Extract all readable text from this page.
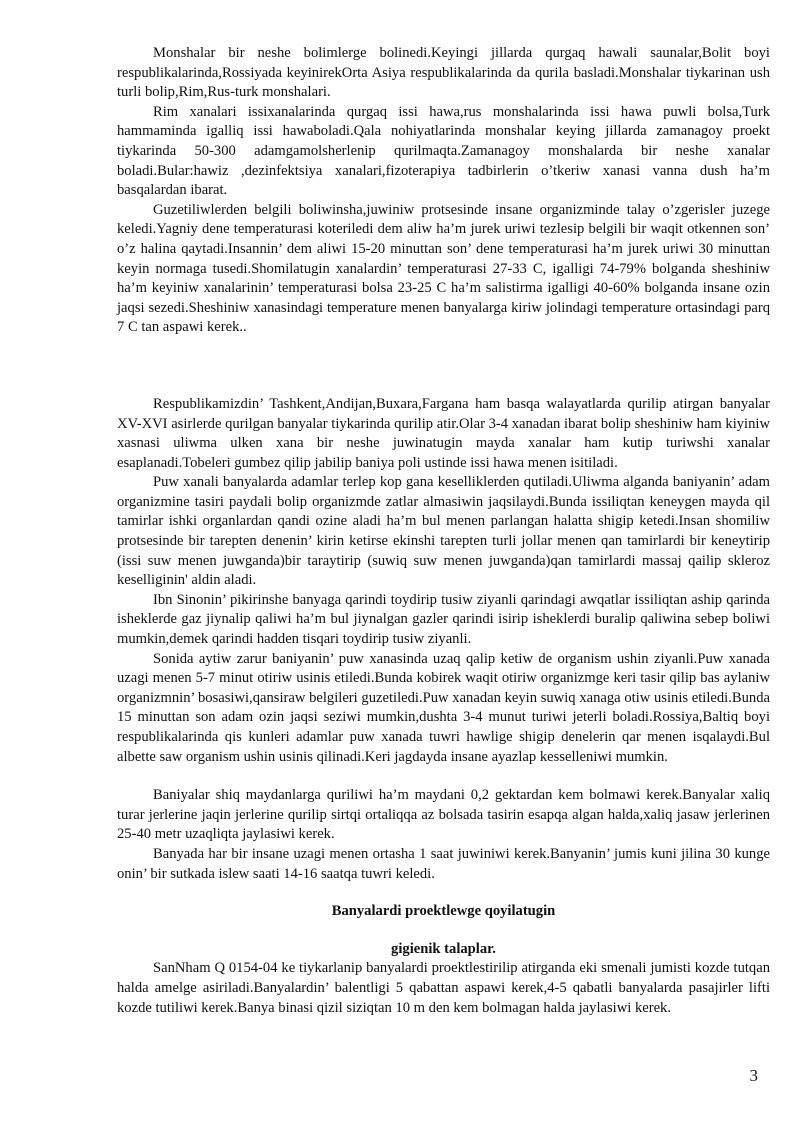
Monshalar bir neshe bolimlerge bolinedi.Keyingi jillarda qurgaq hawali saunalar,Bolit boyi respublikalarinda,Rossiyada keyinirekOrta Asiya respublikalarinda da qurila basladi.Monshalar tiykarinan ush turli bolip,Rim,Rus-turk monshalari.

Rim xanalari issixanalarinda qurgaq issi hawa,rus monshalarinda issi hawa puwli bolsa,Turk hammaminda igalliq issi hawaboladi.Qala nohiyatlarinda monshalar keying jillarda zamanagoy proekt tiykarinda 50-300 adamgamolsherlenip qurilmaqta.Zamanagoy monshalarda bir neshe xanalar boladi.Bular:hawiz ,dezinfektsiya xanalari,fizoterapiya tadbirlerin o’tkeriw xanasi vanna dush ha’m basqalardan ibarat.

Guzetiliwlerden belgili boliwinsha,juwiniw protsesinde insane organizminde talay o’zgerisler juzege keledi.Yagniy dene temperaturasi koteriledi dem aliw ha’m jurek uriwi tezlesip belgili bir waqit otkennen son’ o’z halina qaytadi.Insannin’ dem aliwi 15-20 minuttan son’ dene temperaturasi ha’m jurek uriwi 30 minuttan keyin normaga tusedi.Shomilatugin xanalardin’ temperaturasi 27-33 C, igalligi 74-79% bolganda sheshiniw ha’m keyiniw xanalarinin’ temperaturasi bolsa 23-25 C ha’m salistirma igalligi 40-60% bolganda insane ozin jaqsi sezedi.Sheshiniw xanasindagi temperature menen banyalarga kiriw jolindagi temperature ortasindagi parq 7 C tan aspawi kerek..

Respublikamizdin’ Tashkent,Andijan,Buxara,Fargana ham basqa walayatlarda qurilip atirgan banyalar XV-XVI asirlerde qurilgan banyalar tiykarinda qurilip atir.Olar 3-4 xanadan ibarat bolip sheshiniw ham kiyiniw xasnasi uliwma ulken xana bir neshe juwinatugin mayda xanalar ham kutip turiwshi xanalar esaplanadi.Tobeleri gumbez qilip jabilip baniya poli ustinde issi hawa menen isitiladi.

Puw xanali banyalarda adamlar terlep kop gana keselliklerden qutiladi.Uliwma alganda baniyanin’ adam organizmine tasiri paydali bolip organizmde zatlar almasiwin jaqsilaydi.Bunda issiliqtan keneygen mayda qil tamirlar ishki organlardan qandi ozine aladi ha’m bul menen parlangan halatta shigip ketedi.Insan shomiliw protsesinde bir tarepten denenin’ kirin ketirse ekinshi tarepten turli jollar menen qan tamirlardi bir keneytirip (issi suw menen juwganda)bir taraytirip (suwiq suw menen juwganda)qan tamirlardi massaj qailip skleroz keselliginin' aldin aladi.

Ibn Sinonin’ pikirinshe banyaga qarindi toydirip tusiw ziyanli qarindagi awqatlar issiliqtan aship qarinda isheklerde gaz jiynalip qaliwi ha’m bul jiynalgan gazler qarindi isirip isheklerdi buralip qaliwina sebep boliwi mumkin,demek qarindi hadden tisqari toydirip tusiw ziyanli.

Sonida aytiw zarur baniyanin’ puw xanasinda uzaq qalip ketiw de organism ushin ziyanli.Puw xanada uzagi menen 5-7 minut otiriw usinis etiledi.Bunda kobirek waqit otiriw organizmge keri tasir qilip bas aylaniw organizmnin’ bosasiwi,qansiraw belgileri guzetiledi.Puw xanadan keyin suwiq xanaga otiw usinis etiledi.Bunda 15 minuttan son adam ozin jaqsi seziwi mumkin,dushta 3-4 munut turiwi jeterli boladi.Rossiya,Baltiq boyi respublikalarinda qis kunleri adamlar puw xanada tuwri hawlige shigip denelerin qar menen isqalaydi.Bul albette saw organism ushin usinis qilinadi.Keri jagdayda insane ayazlap kesselleniwi mumkin.

Baniyalar shiq maydanlarga quriliwi ha’m maydani 0,2 gektardan kem bolmawi kerek.Banyalar xaliq turar jerlerine jaqin jerlerine qurilip sirtqi ortaliqqa az bolsada tasirin esapqa algan halda,xaliq jasaw jerlerinen 25-40 metr uzaqliqta jaylasiwi kerek.

Banyada har bir insane uzagi menen ortasha 1 saat juwiniwi kerek.Banyanin’ jumis kuni jilina 30 kunge onin’ bir sutkada islew saati 14-16 saatqa tuwri keledi.

Banyalardi proektlewge qoyilatugin

gigienik talaplar.

SanNham Q 0154-04 ke tiykarlanip banyalardi proektlestirilip atirganda eki smenali jumisti kozde tutqan halda amelge asiriladi.Banyalardin’ balentligi 5 qabattan aspawi kerek,4-5 qabatli banyalarda pasajirler lifti kozde tutiliwi kerek.Banya binasi qizil siziqtan 10 m den kem bolmagan halda jaylasiwi kerek.

3
